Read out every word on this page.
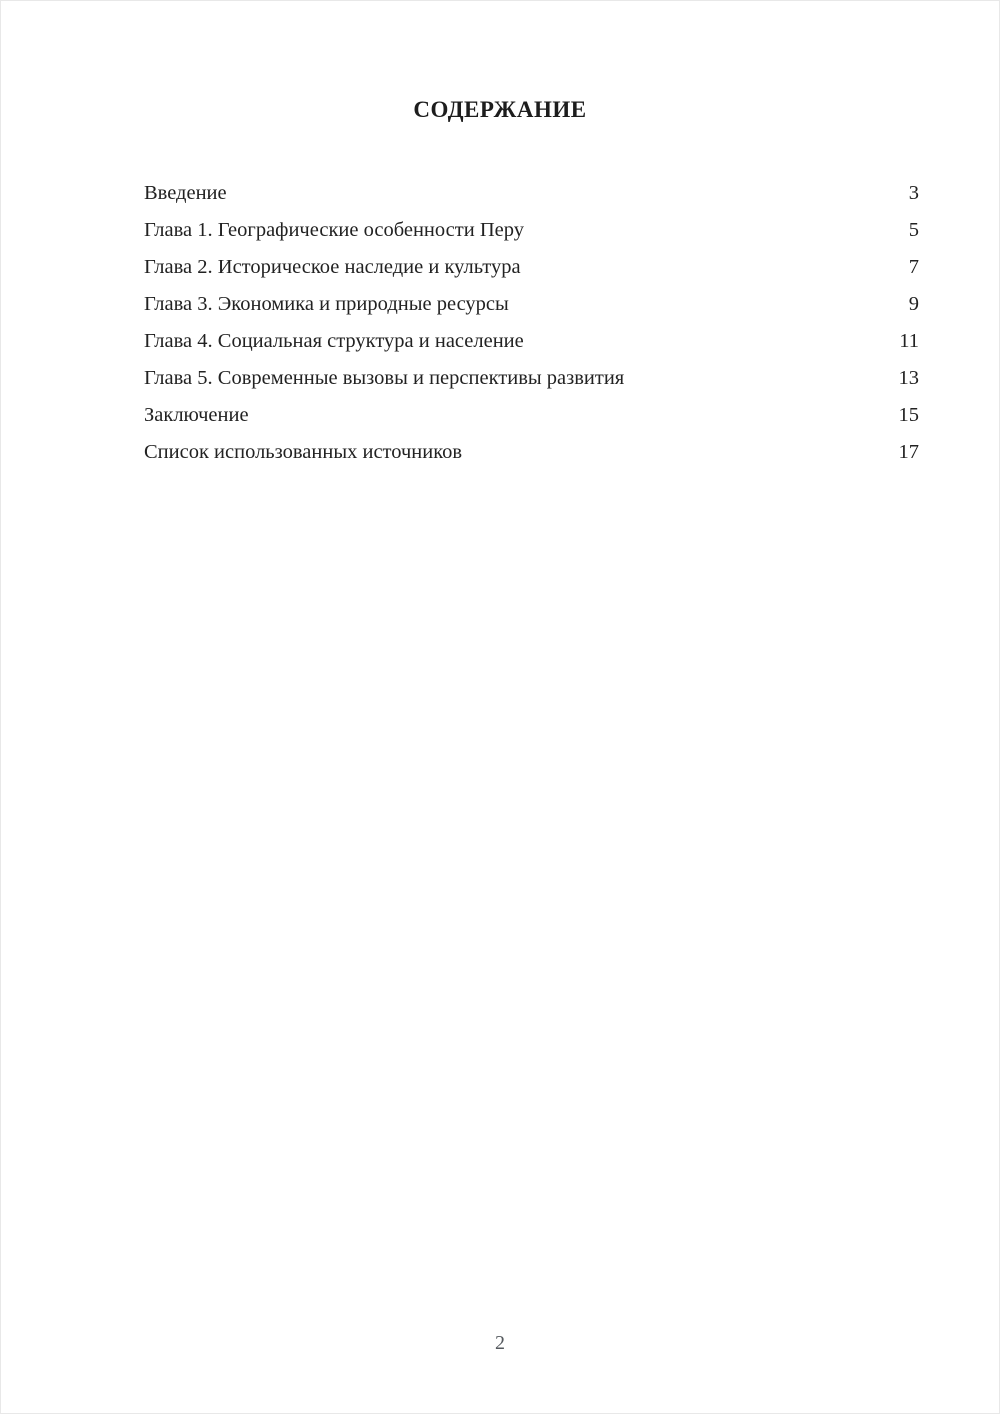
СОДЕРЖАНИЕ
Введение	3
Глава 1. Географические особенности Перу	5
Глава 2. Историческое наследие и культура	7
Глава 3. Экономика и природные ресурсы	9
Глава 4. Социальная структура и население	11
Глава 5. Современные вызовы и перспективы развития	13
Заключение	15
Список использованных источников	17
2
